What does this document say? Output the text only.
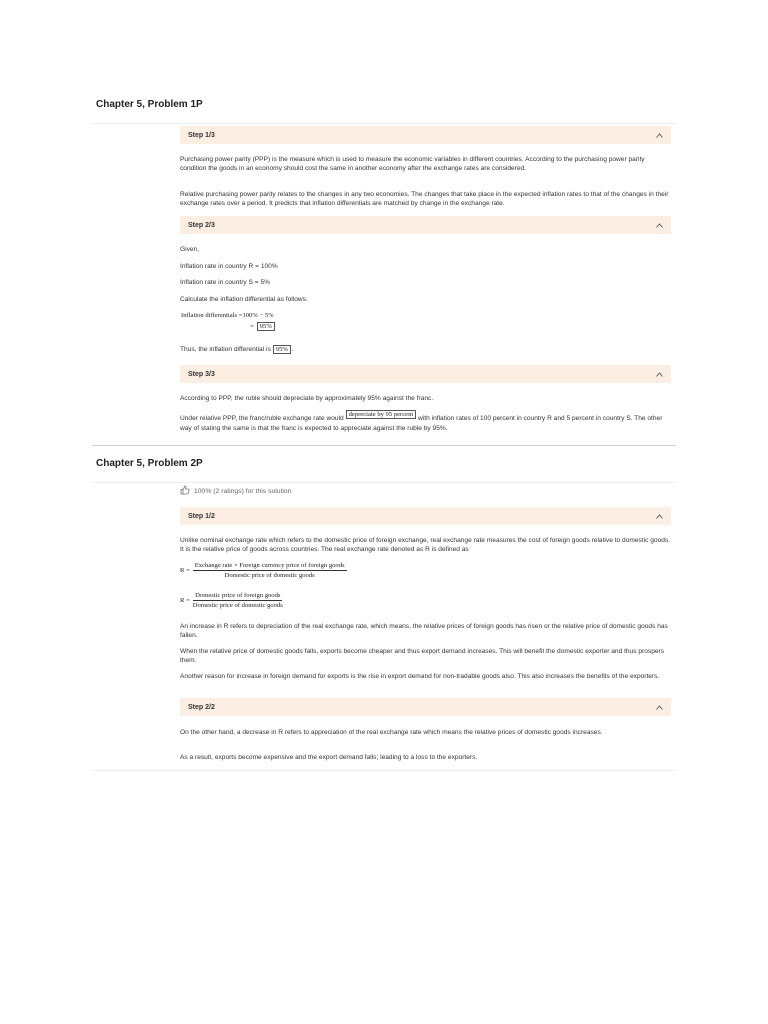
Chapter 5, Problem 1P
Step 1/3
Purchasing power parity (PPP) is the measure which is used to measure the economic variables in different countries. According to the purchasing power parity condition the goods in an economy should cost the same in another economy after the exchange rates are considered.
Relative purchasing power parity relates to the changes in any two economies. The changes that take place in the expected inflation rates to that of the changes in their exchange rates over a period. It predicts that inflation differentials are matched by change in the exchange rate.
Step 2/3
Given,
Inflation rate in country R = 100%
Inflation rate in country S = 5%
Calculate the inflation differential as follows:
Inflation differentials =100% − 5%
= 95%
Thus, the inflation differential is 95% .
Step 3/3
According to PPP, the ruble should depreciate by approximately 95% against the franc.
Under relative PPP, the franc/ruble exchange rate would depreciate by 95 percent with inflation rates of 100 percent in country R and 5 percent in country S. The other way of stating the same is that the franc is expected to appreciate against the ruble by 95%.
Chapter 5, Problem 2P
100% (2 ratings) for this solution
Step 1/2
Unlike nominal exchange rate which refers to the domestic price of foreign exchange, real exchange rate measures the cost of foreign goods relative to domestic goods. It is the relative price of goods across countries. The real exchange rate denoted as R is defined as
$R = \frac{\text{Exchange rate × Foreign currency price of foreign goods}}{\text{Domestic price of domestic goods}}$
$R = \frac{\text{Domestic price of foreign goods}}{\text{Domestic price of domestic goods}}$
An increase in R refers to depreciation of the real exchange rate, which means, the relative prices of foreign goods has risen or the relative price of domestic goods has fallen.
When the relative price of domestic goods falls, exports become cheaper and thus export demand increases. This will benefit the domestic exporter and thus prospers them.
Another reason for increase in foreign demand for exports is the rise in export demand for non-tradable goods also. This also increases the benefits of the exporters.
Step 2/2
On the other hand, a decrease in R refers to appreciation of the real exchange rate which means the relative prices of domestic goods increases.
As a result, exports become expensive and the export demand falls; leading to a loss to the exporters.
